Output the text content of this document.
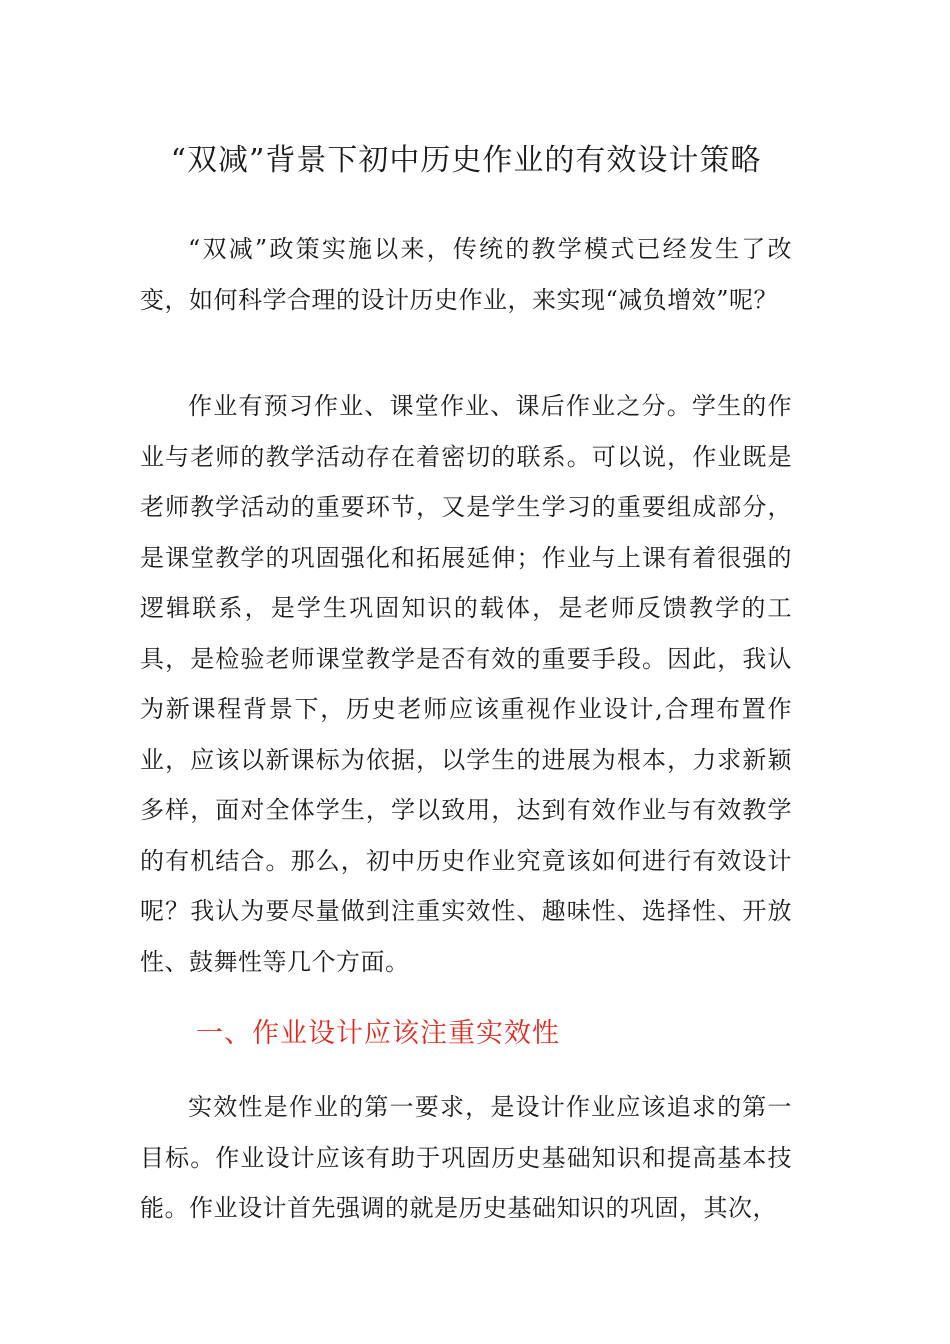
“双减”背景下初中历史作业的有效设计策略

“双减”政策实施以来，传统的教学模式已经发生了改变，如何科学合理的设计历史作业，来实现“减负增效”呢？

作业有预习作业、课堂作业、课后作业之分。学生的作业与老师的教学活动存在着密切的联系。可以说，作业既是老师教学活动的重要环节，又是学生学习的重要组成部分，是课堂教学的巩固强化和拓展延伸；作业与上课有着很强的逻辑联系，是学生巩固知识的载体，是老师反馈教学的工具，是检验老师课堂教学是否有效的重要手段。因此，我认为新课程背景下，历史老师应该重视作业设计,合理布置作业，应该以新课标为依据，以学生的进展为根本，力求新颖多样，面对全体学生，学以致用，达到有效作业与有效教学的有机结合。那么，初中历史作业究竟该如何进行有效设计呢？我认为要尽量做到注重实效性、趣味性、选择性、开放性、鼓舞性等几个方面。

一、作业设计应该注重实效性

实效性是作业的第一要求，是设计作业应该追求的第一目标。作业设计应该有助于巩固历史基础知识和提高基本技能。作业设计首先强调的就是历史基础知识的巩固，其次，
